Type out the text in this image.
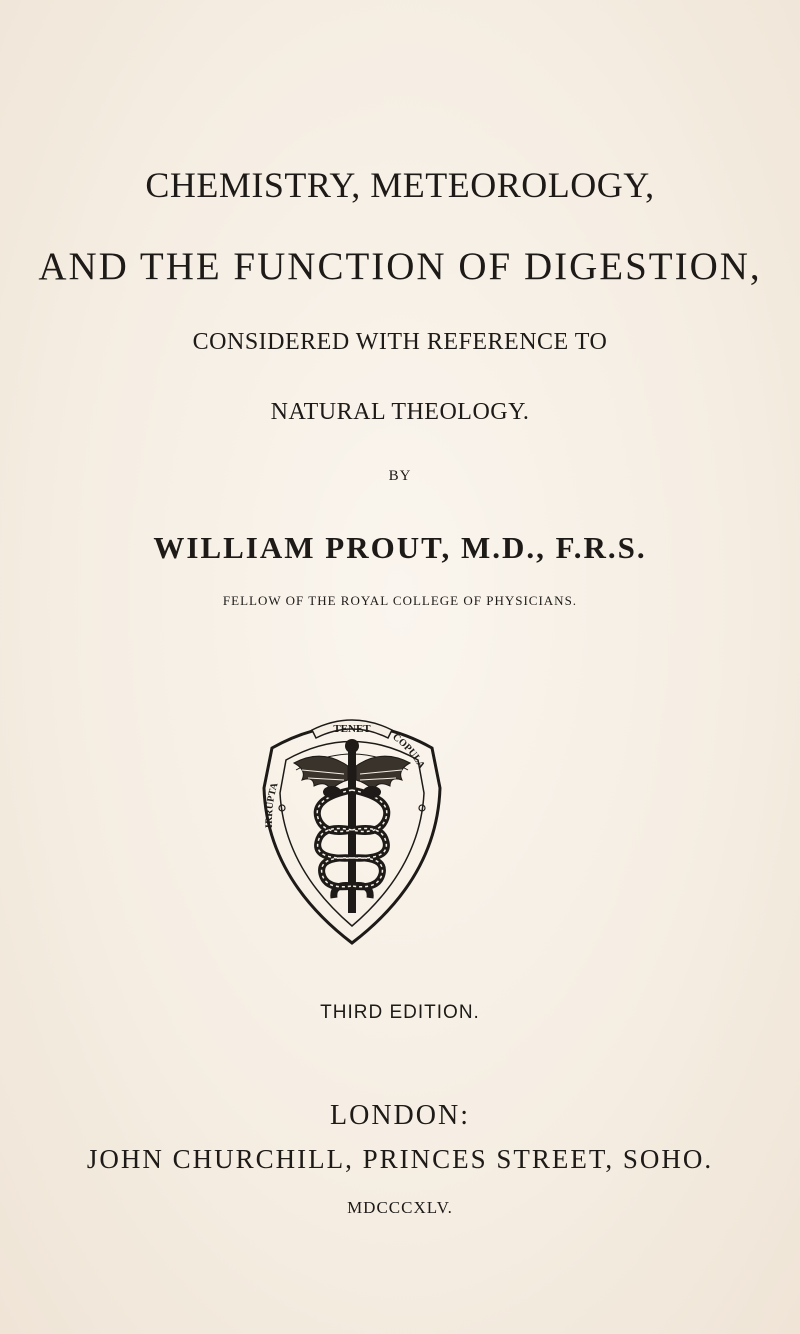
CHEMISTRY, METEOROLOGY,
AND THE FUNCTION OF DIGESTION,
CONSIDERED WITH REFERENCE TO
NATURAL THEOLOGY.
BY
WILLIAM PROUT, M.D., F.R.S.
FELLOW OF THE ROYAL COLLEGE OF PHYSICIANS.
TENET
IRRUPTA
COPULA
THIRD EDITION.
LONDON:
JOHN CHURCHILL, PRINCES STREET, SOHO.
MDCCCXLV.
